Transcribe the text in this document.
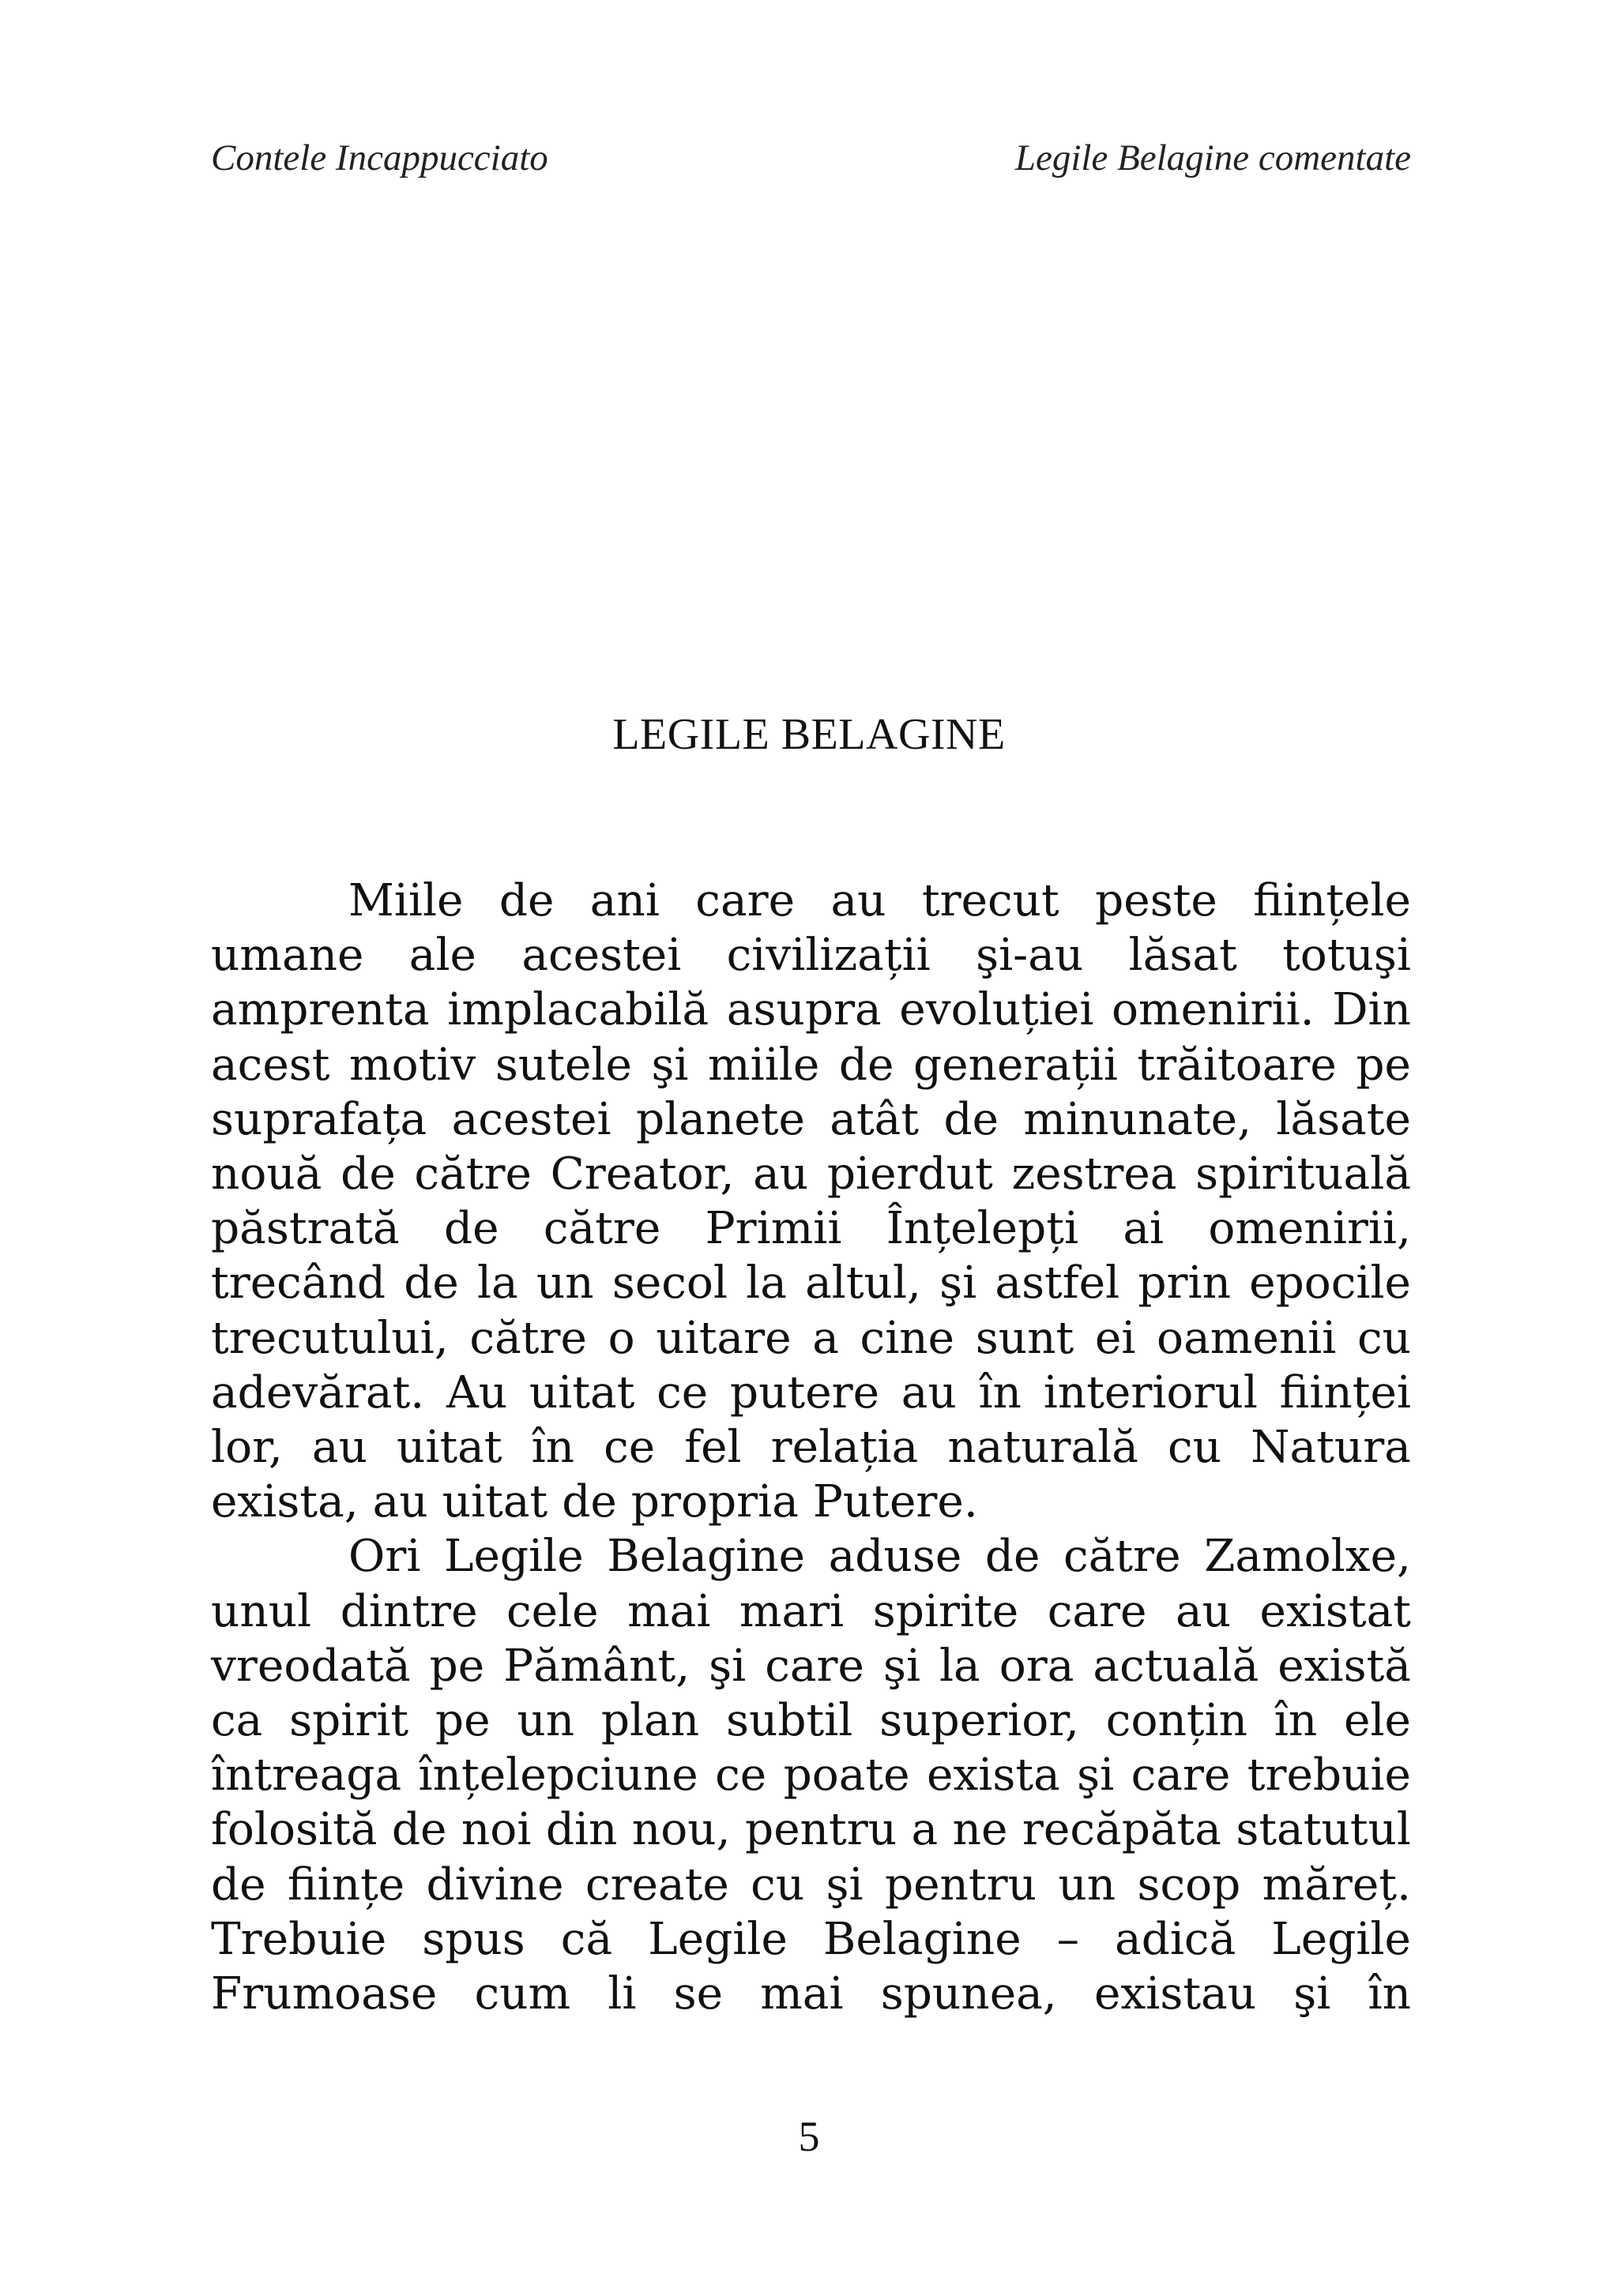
Contele Incappucciato	Legile Belagine comentate
LEGILE BELAGINE

Miile de ani care au trecut peste ființele umane ale acestei civilizații şi-au lăsat totuşi amprenta implacabilă asupra evoluției omenirii. Din acest motiv sutele şi miile de generații trăitoare pe suprafața acestei planete atât de minunate, lăsate nouă de către Creator, au pierdut zestrea spirituală păstrată de către Primii Înțelepți ai omenirii, trecând de la un secol la altul, şi astfel prin epocile trecutului, către o uitare a cine sunt ei oamenii cu adevărat. Au uitat ce putere au în interiorul ființei lor, au uitat în ce fel relația naturală cu Natura exista, au uitat de propria Putere.

Ori Legile Belagine aduse de către Zamolxe, unul dintre cele mai mari spirite care au existat vreodată pe Pământ, şi care şi la ora actuală există ca spirit pe un plan subtil superior, conțin în ele întreaga înțelepciune ce poate exista şi care trebuie folosită de noi din nou, pentru a ne recăpăta statutul de ființe divine create cu şi pentru un scop măreț. Trebuie spus că Legile Belagine – adică Legile Frumoase cum li se mai spunea, existau şi în

5
